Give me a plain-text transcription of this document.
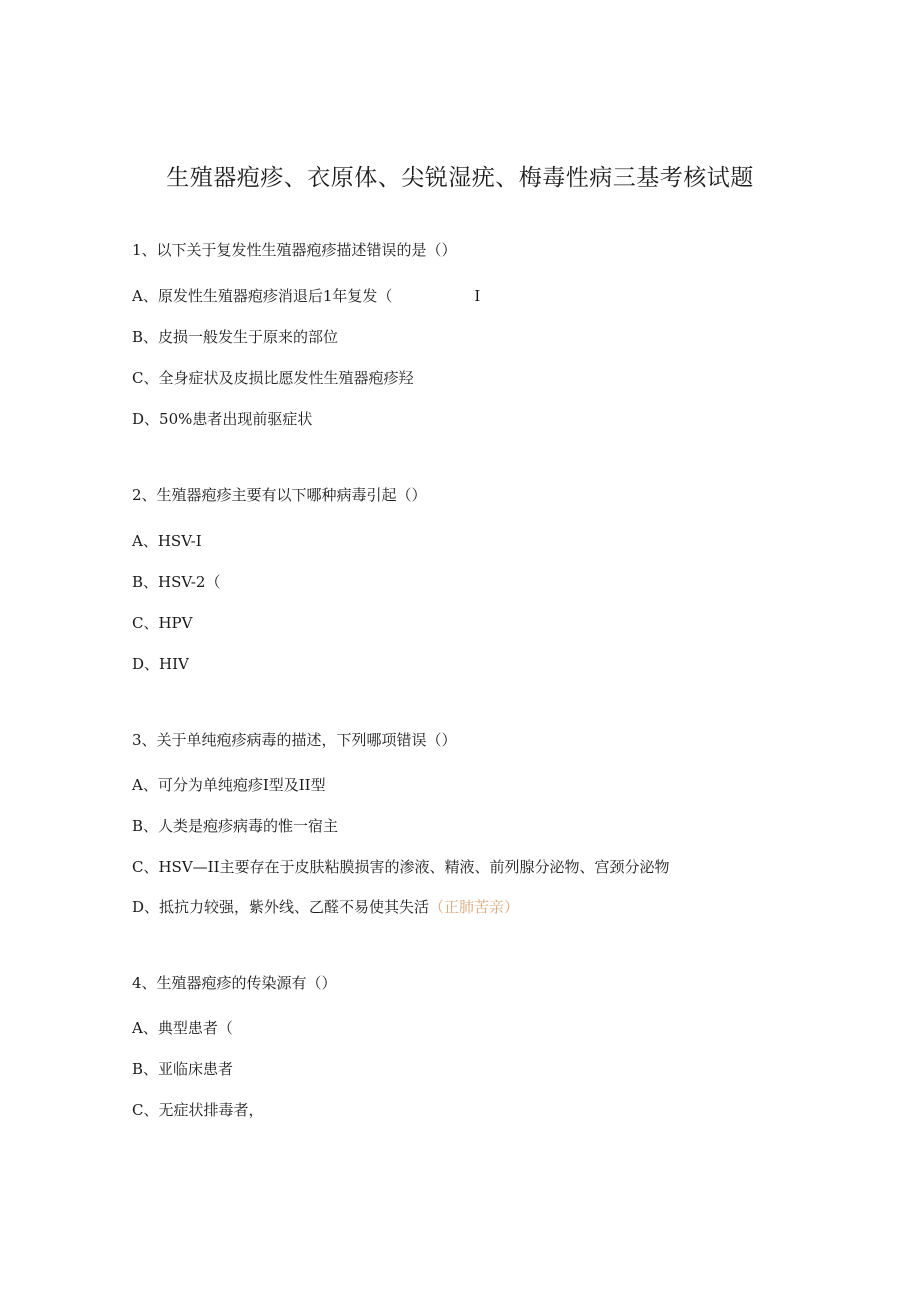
生殖器疱疹、衣原体、尖锐湿疣、梅毒性病三基考核试题
1、以下关于复发性生殖器疱疹描述错误的是（）
A、原发性生殖器疱疹消退后1年复发（	I
B、皮损一般发生于原来的部位
C、全身症状及皮损比愿发性生殖器疱疹羟
D、50%患者出现前驱症状
2、生殖器疱疹主要有以下哪种病毒引起（）
A、HSV-I
B、HSV-2（
C、HPV
D、HIV
3、关于单纯疱疹病毒的描述，下列哪项错误（）
A、可分为单纯疱疹I型及II型
B、人类是疱疹病毒的惟一宿主
C、HSV—II主要存在于皮肤粘膜损害的渗液、精液、前列腺分泌物、宫颈分泌物
D、抵抗力较强，紫外线、乙醛不易使其失活（正肺苦亲）
4、生殖器疱疹的传染源有（）
A、典型患者（
B、亚临床患者
C、无症状排毒者，
